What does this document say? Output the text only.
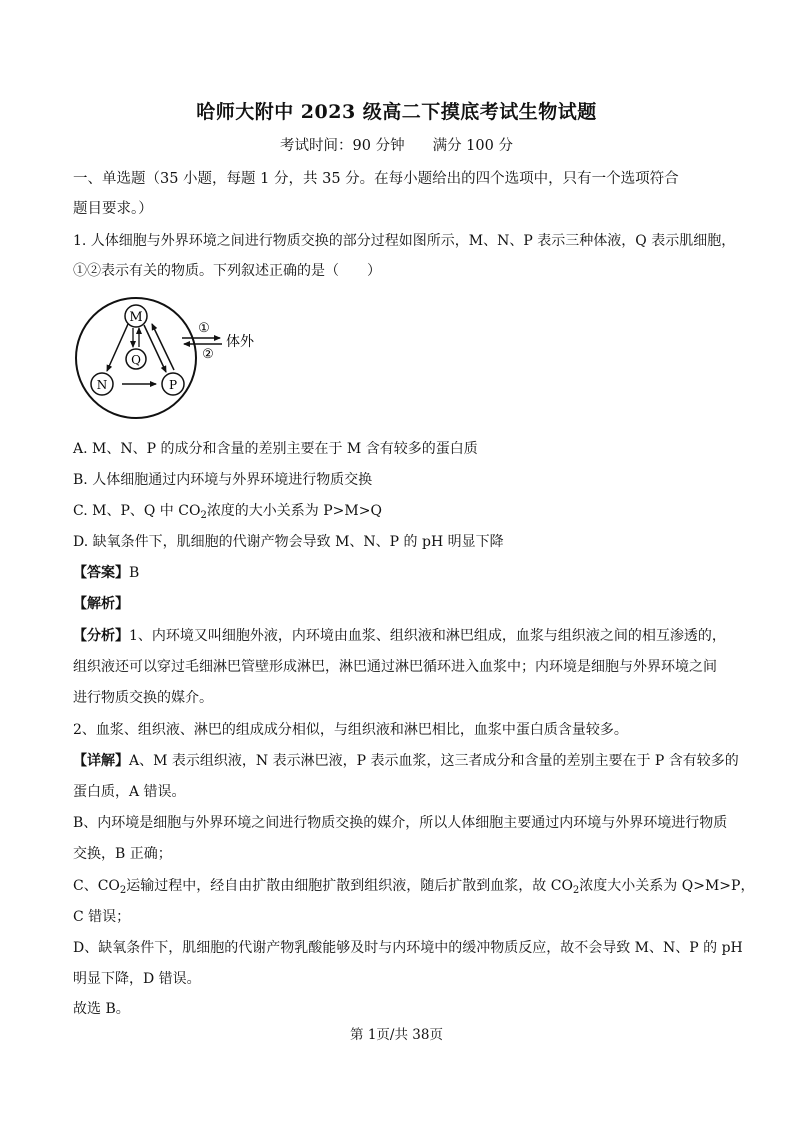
哈师大附中 2023 级高二下摸底考试生物试题
考试时间：90 分钟 满分 100 分
一、单选题（35 小题，每题 1 分，共 35 分。在每小题给出的四个选项中，只有一个选项符合
题目要求。）
1. 人体细胞与外界环境之间进行物质交换的部分过程如图所示，M、N、P 表示三种体液，Q 表示肌细胞，
①②表示有关的物质。下列叙述正确的是（　　）
M
Q
N	P
①
②
体外
A. M、N、P 的成分和含量的差别主要在于 M 含有较多的蛋白质
B. 人体细胞通过内环境与外界环境进行物质交换
C. M、P、Q 中 $CO_2$浓度的大小关系为 P>M>Q
D. 缺氧条件下，肌细胞的代谢产物会导致 M、N、P 的 pH 明显下降
【答案】B
【解析】
【分析】1、内环境又叫细胞外液，内环境由血浆、组织液和淋巴组成，血浆与组织液之间的相互渗透的，
组织液还可以穿过毛细淋巴管壁形成淋巴，淋巴通过淋巴循环进入血浆中；内环境是细胞与外界环境之间
进行物质交换的媒介。
2、血浆、组织液、淋巴的组成成分相似，与组织液和淋巴相比，血浆中蛋白质含量较多。
【详解】A、M 表示组织液，N 表示淋巴液，P 表示血浆，这三者成分和含量的差别主要在于 P 含有较多的
蛋白质，A 错误。
B、内环境是细胞与外界环境之间进行物质交换的媒介，所以人体细胞主要通过内环境与外界环境进行物质
交换，B 正确；
C、$CO_2$运输过程中，经自由扩散由细胞扩散到组织液，随后扩散到血浆，故 $CO_2$浓度大小关系为 Q>M>P，
C 错误；
D、缺氧条件下，肌细胞的代谢产物乳酸能够及时与内环境中的缓冲物质反应，故不会导致 M、N、P 的 pH
明显下降，D 错误。
故选 B。
第 1页/共 38页
